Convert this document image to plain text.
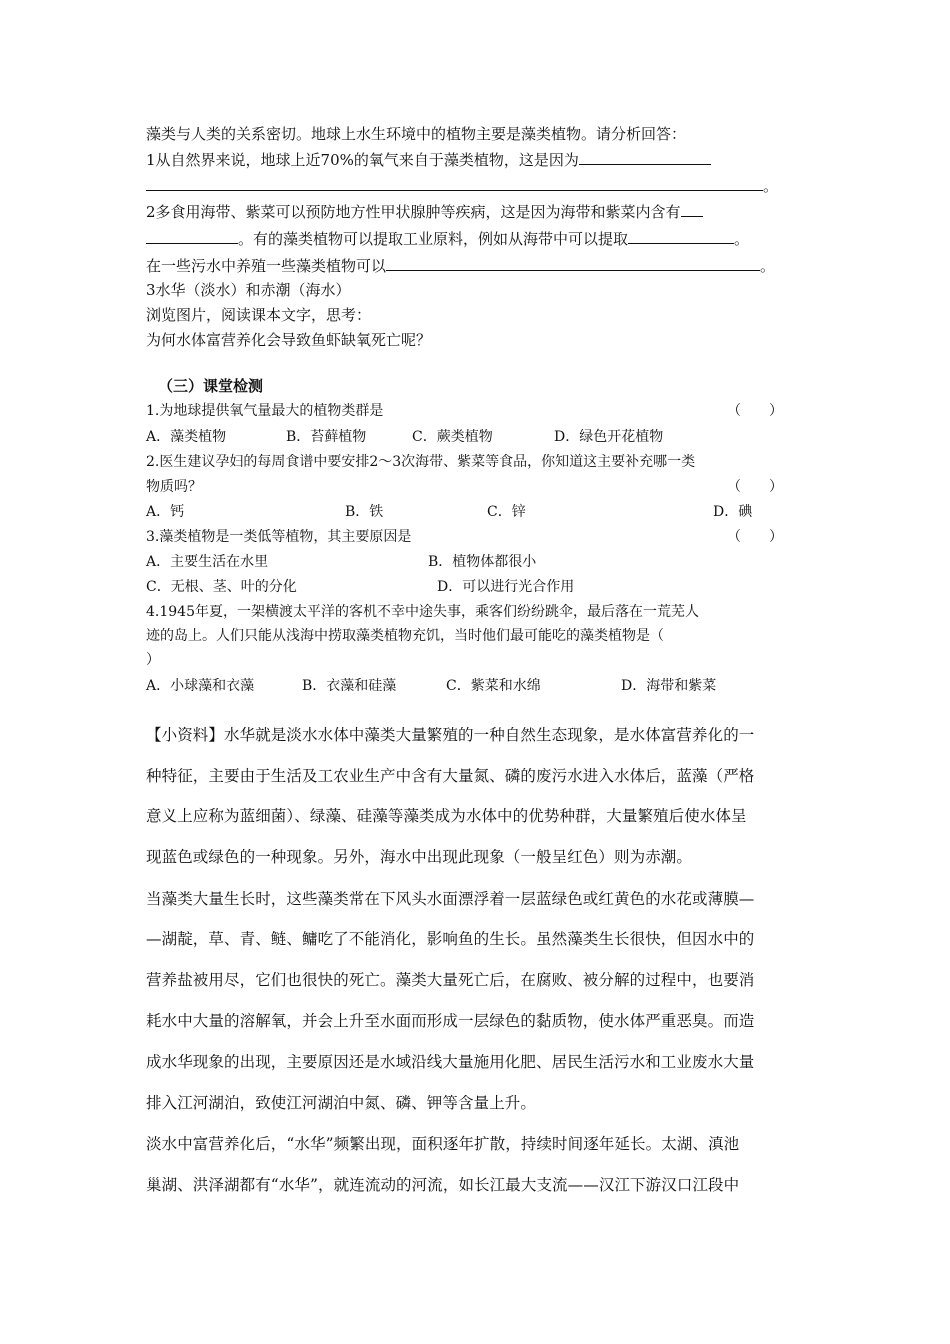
藻类与人类的关系密切。地球上水生环境中的植物主要是藻类植物。请分析回答：
1从自然界来说，地球上近70%的氧气来自于藻类植物，这是因为
。
2多食用海带、紫菜可以预防地方性甲状腺肿等疾病，这是因为海带和紫菜内含有
。有的藻类植物可以提取工业原料，例如从海带中可以提取	。
在一些污水中养殖一些藻类植物可以	。
3水华（淡水）和赤潮（海水）
浏览图片，阅读课本文字，思考：
为何水体富营养化会导致鱼虾缺氧死亡呢？
（三）课堂检测
1.为地球提供氧气量最大的植物类群是	（　　）
A．藻类植物	B．苔藓植物	C．蕨类植物	D．绿色开花植物
2.医生建议孕妇的每周食谱中要安排2～3次海带、紫菜等食品，你知道这主要补充哪一类
物质吗？	（　　）
A．钙	B．铁	C．锌	D．碘
3.藻类植物是一类低等植物，其主要原因是	（　　）
A．主要生活在水里	B．植物体都很小
C．无根、茎、叶的分化	D．可以进行光合作用
4.1945年夏，一架横渡太平洋的客机不幸中途失事，乘客们纷纷跳伞，最后落在一荒芜人
迹的岛上。人们只能从浅海中捞取藻类植物充饥，当时他们最可能吃的藻类植物是（
）
A．小球藻和衣藻	B．衣藻和硅藻	C．紫菜和水绵	D．海带和紫菜
【小资料】水华就是淡水水体中藻类大量繁殖的一种自然生态现象，是水体富营养化的一
种特征，主要由于生活及工农业生产中含有大量氮、磷的废污水进入水体后，蓝藻（严格
意义上应称为蓝细菌）、绿藻、硅藻等藻类成为水体中的优势种群，大量繁殖后使水体呈
现蓝色或绿色的一种现象。另外，海水中出现此现象（一般呈红色）则为赤潮。
当藻类大量生长时，这些藻类常在下风头水面漂浮着一层蓝绿色或红黄色的水花或薄膜—
—湖靛，草、青、鲢、鳙吃了不能消化，影响鱼的生长。虽然藻类生长很快，但因水中的
营养盐被用尽，它们也很快的死亡。藻类大量死亡后，在腐败、被分解的过程中，也要消
耗水中大量的溶解氧，并会上升至水面而形成一层绿色的黏质物，使水体严重恶臭。而造
成水华现象的出现，主要原因还是水域沿线大量施用化肥、居民生活污水和工业废水大量
排入江河湖泊，致使江河湖泊中氮、磷、钾等含量上升。
淡水中富营养化后，“水华”频繁出现，面积逐年扩散，持续时间逐年延长。太湖、滇池
巢湖、洪泽湖都有“水华”，就连流动的河流，如长江最大支流——汉江下游汉口江段中
